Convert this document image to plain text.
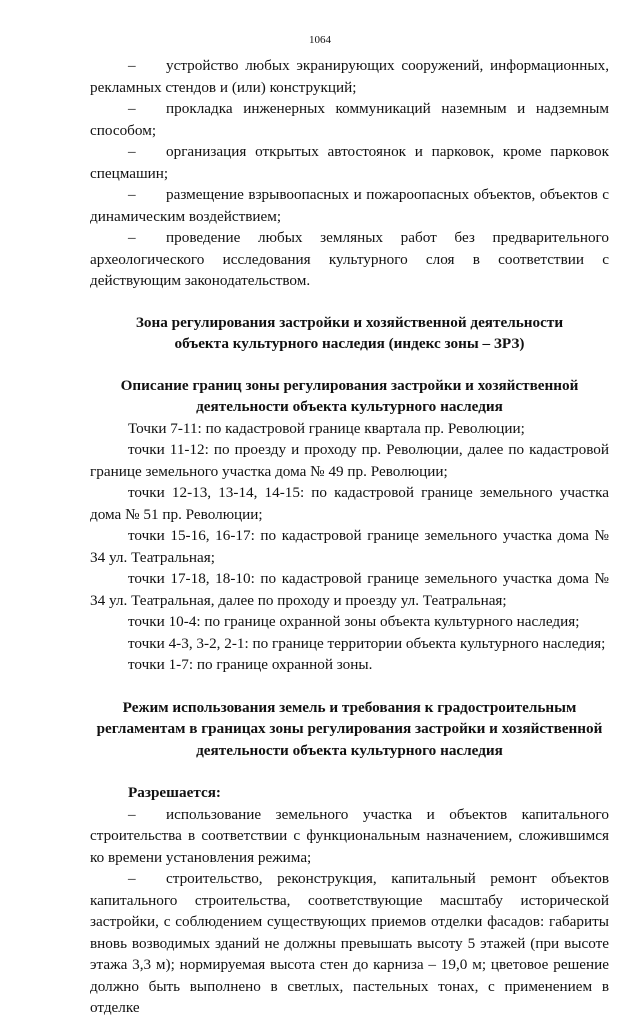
1064

– устройство любых экранирующих сооружений, информационных, рекламных стендов и (или) конструкций;

– прокладка инженерных коммуникаций наземным и надземным способом;

– организация открытых автостоянок и парковок, кроме парковок спецмашин;

– размещение взрывоопасных и пожароопасных объектов, объектов с динамическим воздействием;

– проведение любых земляных работ без предварительного археологического исследования культурного слоя в соответствии с действующим законодательством.

Зона регулирования застройки и хозяйственной деятельности
объекта культурного наследия (индекс зоны – ЗРЗ)
Описание границ зоны регулирования застройки и хозяйственной
деятельности объекта культурного наследия

Точки 7-11: по кадастровой границе квартала пр. Революции;

точки 11-12: по проезду и проходу пр. Революции, далее по кадастровой границе земельного участка дома № 49 пр. Революции;

точки 12-13, 13-14, 14-15: по кадастровой границе земельного участка дома № 51 пр. Революции;

точки 15-16, 16-17: по кадастровой границе земельного участка дома № 34 ул. Театральная;

точки 17-18, 18-10: по кадастровой границе земельного участка дома № 34 ул. Театральная, далее по проходу и проезду ул. Театральная;

точки 10-4: по границе охранной зоны объекта культурного наследия;

точки 4-3, 3-2, 2-1: по границе территории объекта культурного наследия;

точки 1-7: по границе охранной зоны.

Режим использования земель и требования к градостроительным
регламентам в границах зоны регулирования застройки и хозяйственной
деятельности объекта культурного наследия
Разрешается:

– использование земельного участка и объектов капитального строительства в соответствии с функциональным назначением, сложившимся ко времени установления режима;

– строительство, реконструкция, капитальный ремонт объектов капитального строительства, соответствующие масштабу исторической застройки, с соблюдением существующих приемов отделки фасадов: габариты вновь возводимых зданий не должны превышать высоту 5 этажей (при высоте этажа 3,3 м); нормируемая высота стен до карниза – 19,0 м; цветовое решение должно быть выполнено в светлых, пастельных тонах, с применением в отделке
